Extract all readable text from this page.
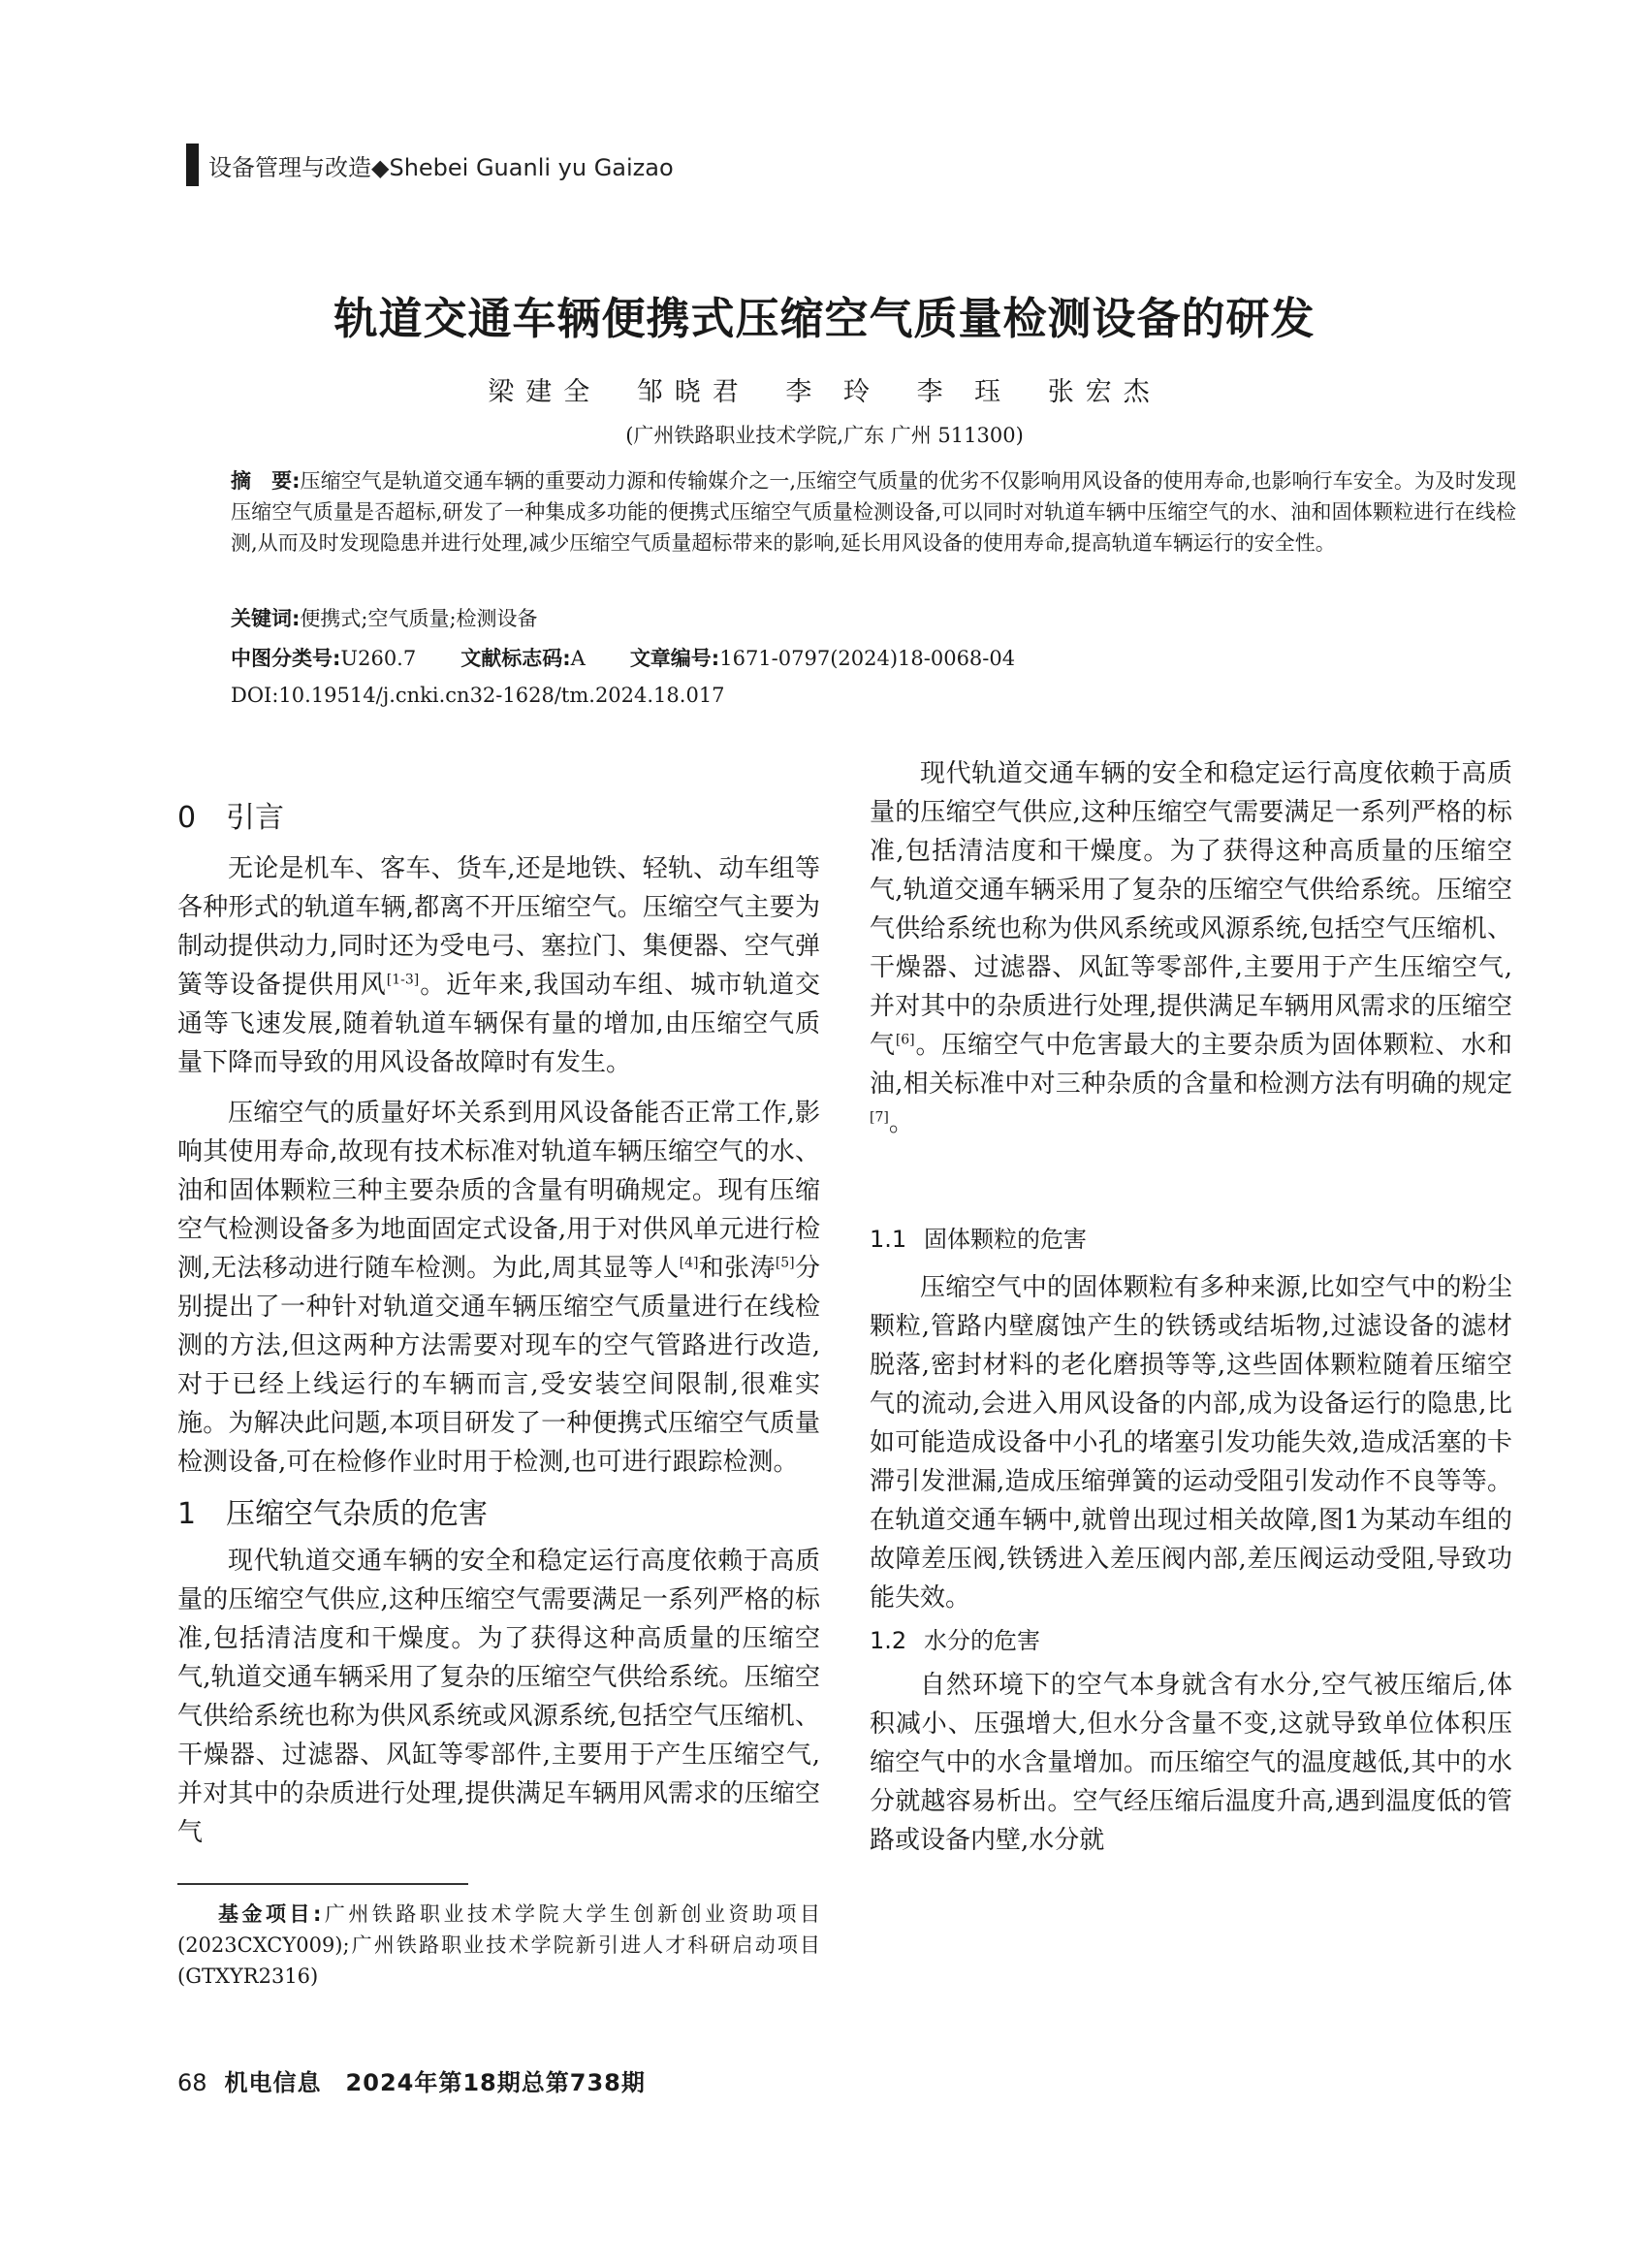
设备管理与改造◆Shebei Guanli yu Gaizao
轨道交通车辆便携式压缩空气质量检测设备的研发
梁建全 邹晓君 李 玲 李 珏 张宏杰
(广州铁路职业技术学院,广东 广州 511300)

摘　要:压缩空气是轨道交通车辆的重要动力源和传输媒介之一,压缩空气质量的优劣不仅影响用风设备的使用寿命,也影响行车安全。为及时发现压缩空气质量是否超标,研发了一种集成多功能的便携式压缩空气质量检测设备,可以同时对轨道车辆中压缩空气的水、油和固体颗粒进行在线检测,从而及时发现隐患并进行处理,减少压缩空气质量超标带来的影响,延长用风设备的使用寿命,提高轨道车辆运行的安全性。

关键词:便携式;空气质量;检测设备
中图分类号:U260.7 文献标志码:A 文章编号:1671-0797(2024)18-0068-04
DOI:10.19514/j.cnki.cn32-1628/tm.2024.18.017
0 引言

无论是机车、客车、货车,还是地铁、轻轨、动车组等各种形式的轨道车辆,都离不开压缩空气。压缩空气主要为制动提供动力,同时还为受电弓、塞拉门、集便器、空气弹簧等设备提供用风[1-3]。近年来,我国动车组、城市轨道交通等飞速发展,随着轨道车辆保有量的增加,由压缩空气质量下降而导致的用风设备故障时有发生。

压缩空气的质量好坏关系到用风设备能否正常工作,影响其使用寿命,故现有技术标准对轨道车辆压缩空气的水、油和固体颗粒三种主要杂质的含量有明确规定。现有压缩空气检测设备多为地面固定式设备,用于对供风单元进行检测,无法移动进行随车检测。为此,周其显等人[4]和张涛[5]分别提出了一种针对轨道交通车辆压缩空气质量进行在线检测的方法,但这两种方法需要对现车的空气管路进行改造,对于已经上线运行的车辆而言,受安装空间限制,很难实施。为解决此问题,本项目研发了一种便携式压缩空气质量检测设备,可在检修作业时用于检测,也可进行跟踪检测。

1 压缩空气杂质的危害

现代轨道交通车辆的安全和稳定运行高度依赖于高质量的压缩空气供应,这种压缩空气需要满足一系列严格的标准,包括清洁度和干燥度。为了获得这种高质量的压缩空气,轨道交通车辆采用了复杂的压缩空气供给系统。压缩空气供给系统也称为供风系统或风源系统,包括空气压缩机、干燥器、过滤器、风缸等零部件,主要用于产生压缩空气,并对其中的杂质进行处理,提供满足车辆用风需求的压缩空气

现代轨道交通车辆的安全和稳定运行高度依赖于高质量的压缩空气供应,这种压缩空气需要满足一系列严格的标准,包括清洁度和干燥度。为了获得这种高质量的压缩空气,轨道交通车辆采用了复杂的压缩空气供给系统。压缩空气供给系统也称为供风系统或风源系统,包括空气压缩机、干燥器、过滤器、风缸等零部件,主要用于产生压缩空气,并对其中的杂质进行处理,提供满足车辆用风需求的压缩空气[6]。压缩空气中危害最大的主要杂质为固体颗粒、水和油,相关标准中对三种杂质的含量和检测方法有明确的规定[7]。

1.1 固体颗粒的危害

压缩空气中的固体颗粒有多种来源,比如空气中的粉尘颗粒,管路内壁腐蚀产生的铁锈或结垢物,过滤设备的滤材脱落,密封材料的老化磨损等等,这些固体颗粒随着压缩空气的流动,会进入用风设备的内部,成为设备运行的隐患,比如可能造成设备中小孔的堵塞引发功能失效,造成活塞的卡滞引发泄漏,造成压缩弹簧的运动受阻引发动作不良等等。在轨道交通车辆中,就曾出现过相关故障,图1为某动车组的故障差压阀,铁锈进入差压阀内部,差压阀运动受阻,导致功能失效。

1.2 水分的危害

自然环境下的空气本身就含有水分,空气被压缩后,体积减小、压强增大,但水分含量不变,这就导致单位体积压缩空气中的水含量增加。而压缩空气的温度越低,其中的水分就越容易析出。空气经压缩后温度升高,遇到温度低的管路或设备内壁,水分就

基金项目:广州铁路职业技术学院大学生创新创业资助项目(2023CXCY009);广州铁路职业技术学院新引进人才科研启动项目(GTXYR2316)

68 机电信息　2024年第18期总第738期
